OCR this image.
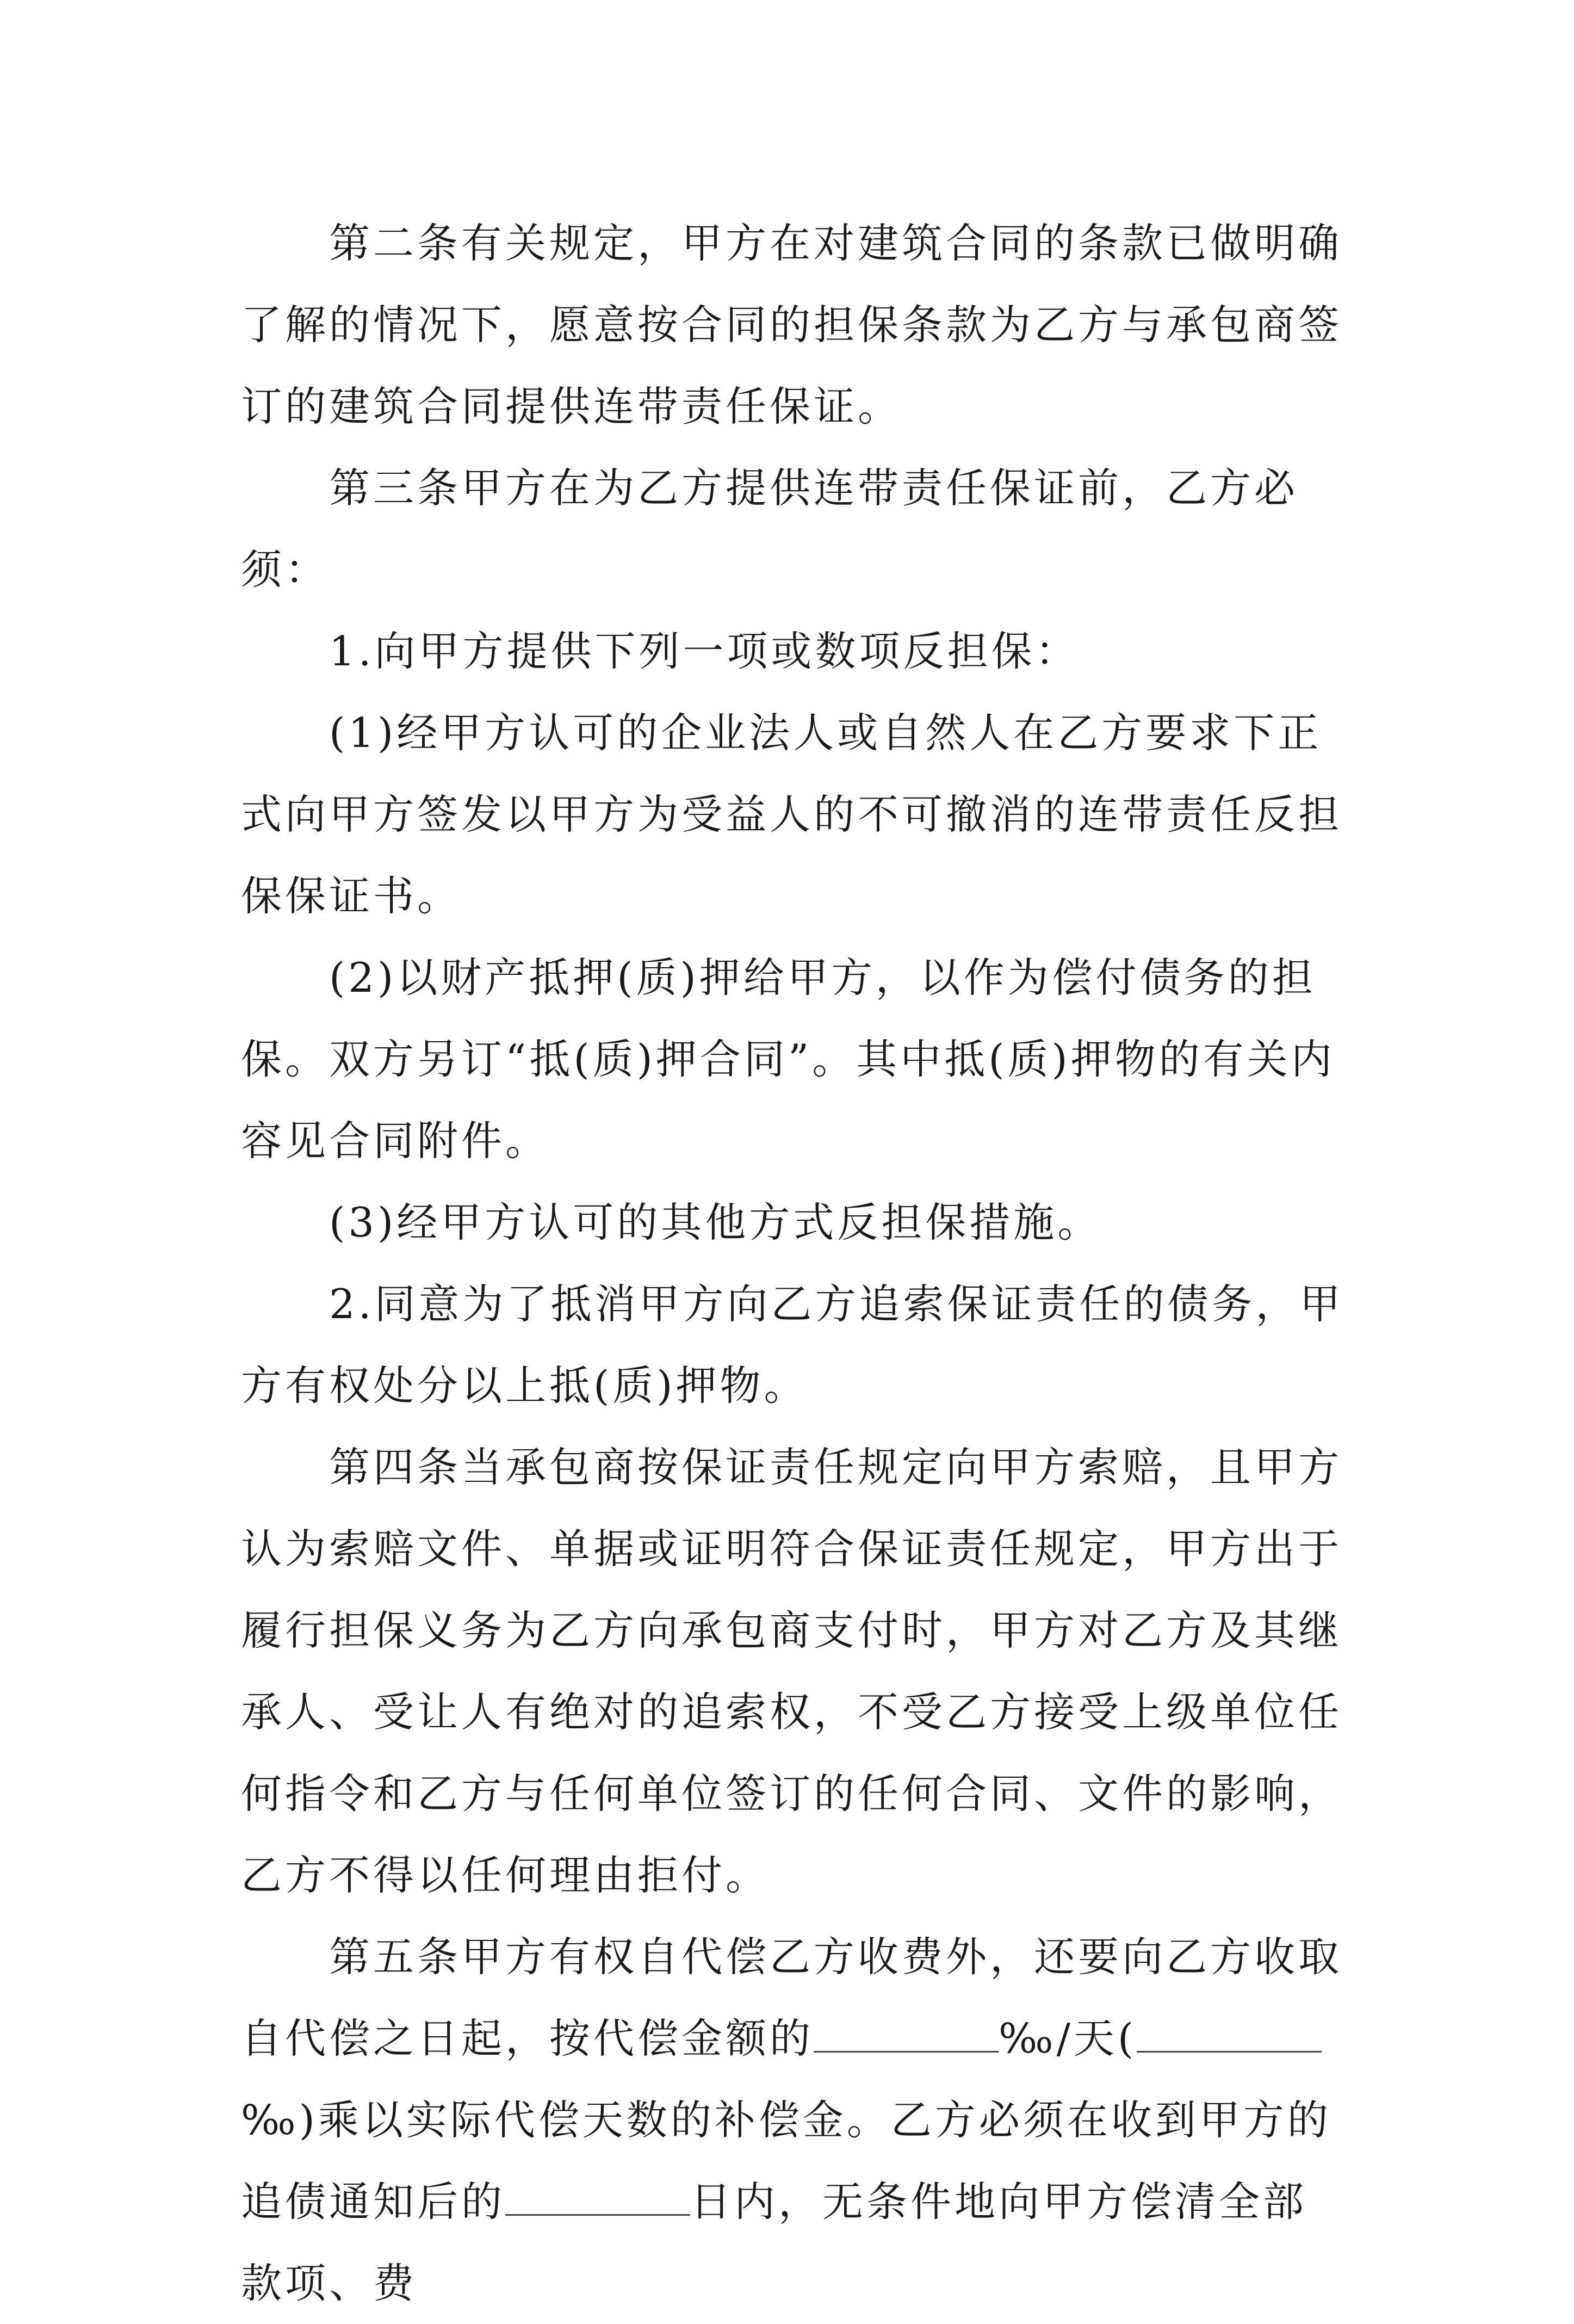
第二条有关规定，甲方在对建筑合同的条款已做明确了解的情况下，愿意按合同的担保条款为乙方与承包商签订的建筑合同提供连带责任保证。

第三条甲方在为乙方提供连带责任保证前，乙方必须：

1.向甲方提供下列一项或数项反担保：

(1)经甲方认可的企业法人或自然人在乙方要求下正式向甲方签发以甲方为受益人的不可撤消的连带责任反担保保证书。

(2)以财产抵押(质)押给甲方，以作为偿付债务的担保。双方另订“抵(质)押合同”。其中抵(质)押物的有关内容见合同附件。

(3)经甲方认可的其他方式反担保措施。

2.同意为了抵消甲方向乙方追索保证责任的债务，甲方有权处分以上抵(质)押物。

第四条当承包商按保证责任规定向甲方索赔，且甲方认为索赔文件、单据或证明符合保证责任规定，甲方出于履行担保义务为乙方向承包商支付时，甲方对乙方及其继承人、受让人有绝对的追索权，不受乙方接受上级单位任何指令和乙方与任何单位签订的任何合同、文件的影响，乙方不得以任何理由拒付。

第五条甲方有权自代偿乙方收费外，还要向乙方收取自代偿之日起，按代偿金额的	‰/天(‰)乘以实际代偿天数的补偿金。乙方必须在收到甲方的追债通知后的	日内，无条件地向甲方偿清全部款项、费
